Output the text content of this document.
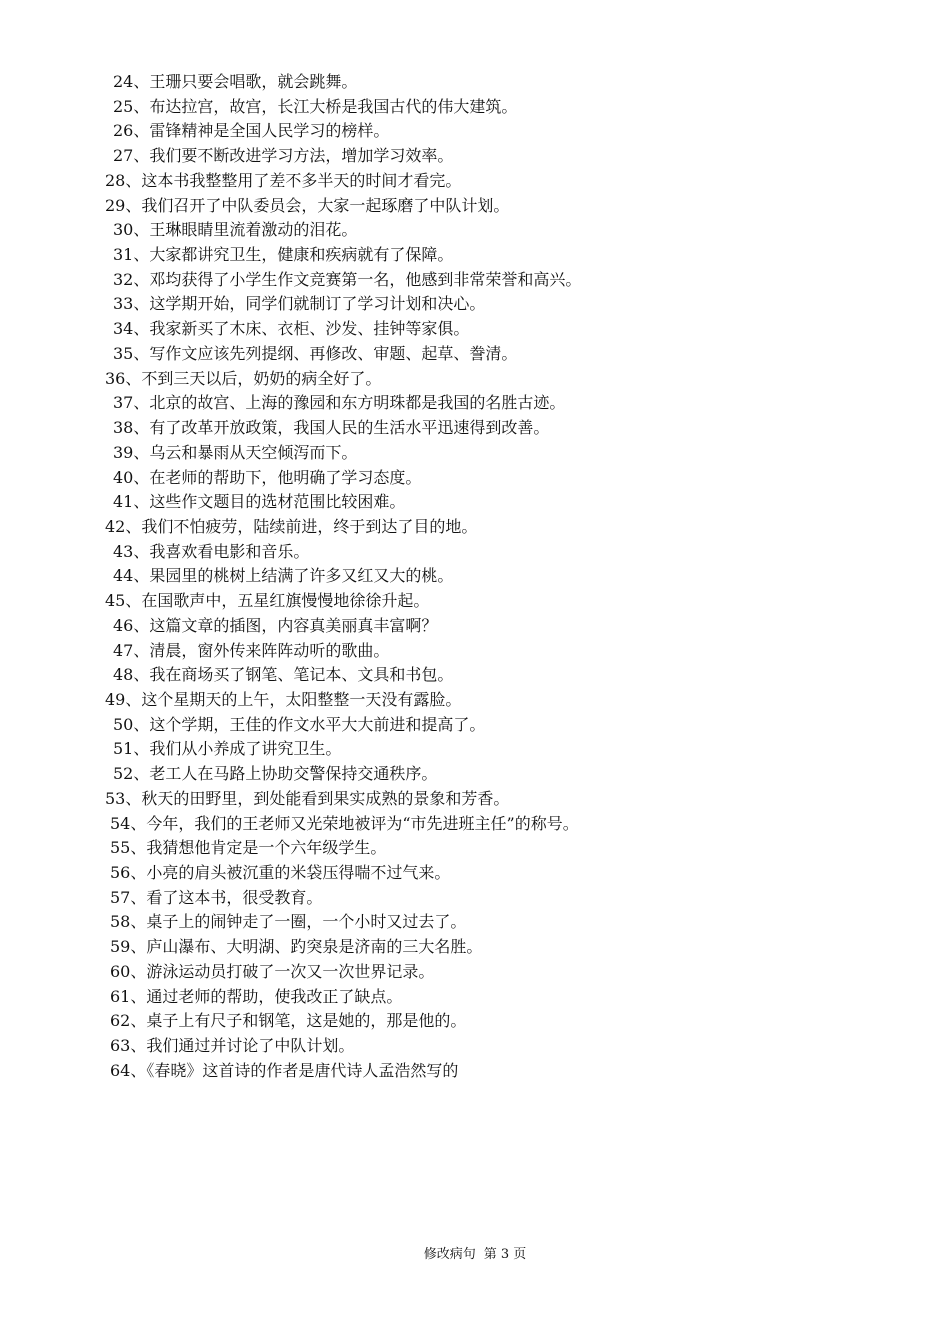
24、王珊只要会唱歌，就会跳舞。
25、布达拉宫，故宫，长江大桥是我国古代的伟大建筑。
26、雷锋精神是全国人民学习的榜样。
27、我们要不断改进学习方法，增加学习效率。
28、这本书我整整用了差不多半天的时间才看完。
29、我们召开了中队委员会，大家一起琢磨了中队计划。
30、王琳眼睛里流着激动的泪花。
31、大家都讲究卫生，健康和疾病就有了保障。
32、邓均获得了小学生作文竞赛第一名，他感到非常荣誉和高兴。
33、这学期开始，同学们就制订了学习计划和决心。
34、我家新买了木床、衣柜、沙发、挂钟等家俱。
35、写作文应该先列提纲、再修改、审题、起草、誊清。
36、不到三天以后，奶奶的病全好了。
37、北京的故宫、上海的豫园和东方明珠都是我国的名胜古迹。
38、有了改革开放政策，我国人民的生活水平迅速得到改善。
39、乌云和暴雨从天空倾泻而下。
40、在老师的帮助下，他明确了学习态度。
41、这些作文题目的选材范围比较困难。
42、我们不怕疲劳，陆续前进，终于到达了目的地。
43、我喜欢看电影和音乐。
44、果园里的桃树上结满了许多又红又大的桃。
45、在国歌声中，五星红旗慢慢地徐徐升起。
46、这篇文章的插图，内容真美丽真丰富啊？
47、清晨，窗外传来阵阵动听的歌曲。
48、我在商场买了钢笔、笔记本、文具和书包。
49、这个星期天的上午，太阳整整一天没有露脸。
50、这个学期，王佳的作文水平大大前进和提高了。
51、我们从小养成了讲究卫生。
52、老工人在马路上协助交警保持交通秩序。
53、秋天的田野里，到处能看到果实成熟的景象和芳香。
54、今年，我们的王老师又光荣地被评为“市先进班主任”的称号。
55、我猜想他肯定是一个六年级学生。
56、小亮的肩头被沉重的米袋压得喘不过气来。
57、看了这本书，很受教育。
58、桌子上的闹钟走了一圈，一个小时又过去了。
59、庐山瀑布、大明湖、趵突泉是济南的三大名胜。
60、游泳运动员打破了一次又一次世界记录。
61、通过老师的帮助，使我改正了缺点。
62、桌子上有尺子和钢笔，这是她的，那是他的。
63、我们通过并讨论了中队计划。
64、《春晓》这首诗的作者是唐代诗人孟浩然写的
修改病句 第 3 页
